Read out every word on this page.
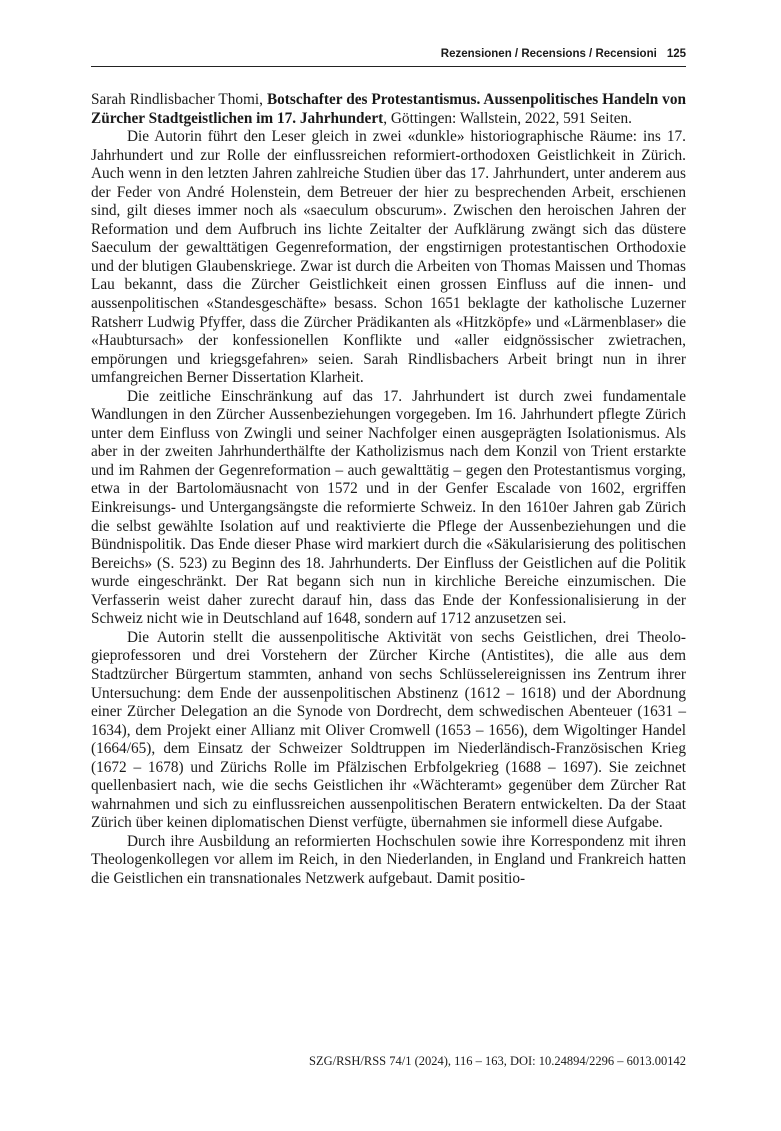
Rezensionen / Recensions / Recensioni 125

Sarah Rindlisbacher Thomi, Botschafter des Protestantismus. Aussenpolitisches Handeln von Zürcher Stadtgeistlichen im 17. Jahrhundert, Göttingen: Wallstein, 2022, 591 Seiten.

Die Autorin führt den Leser gleich in zwei «dunkle» historiographische Räume: ins 17. Jahrhundert und zur Rolle der einflussreichen reformiert-orthodoxen Geistlichkeit in Zürich. Auch wenn in den letzten Jahren zahlreiche Studien über das 17. Jahrhundert, unter anderem aus der Feder von André Holenstein, dem Betreuer der hier zu besprechenden Arbeit, erschienen sind, gilt dieses immer noch als «saeculum obscurum». Zwischen den heroischen Jahren der Reformation und dem Aufbruch ins lichte Zeitalter der Aufklärung zwängt sich das düstere Saeculum der gewalttätigen Gegenreformation, der engstirnigen protestantischen Orthodoxie und der blutigen Glaubenskriege. Zwar ist durch die Arbeiten von Thomas Maissen und Thomas Lau bekannt, dass die Zürcher Geistlichkeit einen grossen Einfluss auf die innen- und aussenpolitischen «Standesgeschäfte» besass. Schon 1651 beklagte der katholische Luzerner Ratsherr Ludwig Pfyffer, dass die Zürcher Prädikanten als «Hitzköpfe» und «Lärmenblaser» die «Haubtursach» der konfessionellen Konflikte und «aller eidgnössischer zwietrachen, empörungen und kriegsgefahren» seien. Sarah Rindlisbachers Arbeit bringt nun in ihrer umfangreichen Berner Dissertation Klarheit.

Die zeitliche Einschränkung auf das 17. Jahrhundert ist durch zwei fundamentale Wandlungen in den Zürcher Aussenbeziehungen vorgegeben. Im 16. Jahrhundert pflegte Zürich unter dem Einfluss von Zwingli und seiner Nachfolger einen ausgeprägten Isolationismus. Als aber in der zweiten Jahrhunderthälfte der Katholizismus nach dem Konzil von Trient erstarkte und im Rahmen der Gegenreformation – auch gewalttätig – gegen den Protestantismus vorging, etwa in der Bartolomäusnacht von 1572 und in der Genfer Escalade von 1602, ergriffen Einkreisungs- und Untergangsängste die reformierte Schweiz. In den 1610er Jahren gab Zürich die selbst gewählte Isolation auf und reaktivierte die Pflege der Aussenbeziehungen und die Bündnispolitik. Das Ende dieser Phase wird markiert durch die «Säkularisierung des politischen Bereichs» (S. 523) zu Beginn des 18. Jahrhunderts. Der Einfluss der Geistlichen auf die Politik wurde eingeschränkt. Der Rat begann sich nun in kirchliche Bereiche einzumischen. Die Verfasserin weist daher zurecht darauf hin, dass das Ende der Konfessionalisierung in der Schweiz nicht wie in Deutschland auf 1648, sondern auf 1712 anzusetzen sei.

Die Autorin stellt die aussenpolitische Aktivität von sechs Geistlichen, drei Theologieprofessoren und drei Vorstehern der Zürcher Kirche (Antistites), die alle aus dem Stadtzürcher Bürgertum stammten, anhand von sechs Schlüsselereignissen ins Zentrum ihrer Untersuchung: dem Ende der aussenpolitischen Abstinenz (1612 – 1618) und der Abordnung einer Zürcher Delegation an die Synode von Dordrecht, dem schwedischen Abenteuer (1631 – 1634), dem Projekt einer Allianz mit Oliver Cromwell (1653 – 1656), dem Wigoltinger Handel (1664/65), dem Einsatz der Schweizer Soldtruppen im Niederländisch-Französischen Krieg (1672 – 1678) und Zürichs Rolle im Pfälzischen Erbfolgekrieg (1688 – 1697). Sie zeichnet quellenbasiert nach, wie die sechs Geistlichen ihr «Wächteramt» gegenüber dem Zürcher Rat wahrnahmen und sich zu einflussreichen aussenpolitischen Beratern entwickelten. Da der Staat Zürich über keinen diplomatischen Dienst verfügte, übernahmen sie informell diese Aufgabe.

Durch ihre Ausbildung an reformierten Hochschulen sowie ihre Korrespondenz mit ihren Theologenkollegen vor allem im Reich, in den Niederlanden, in England und Frankreich hatten die Geistlichen ein transnationales Netzwerk aufgebaut. Damit positio-

SZG/RSH/RSS 74/1 (2024), 116 – 163, DOI: 10.24894/2296 – 6013.00142
